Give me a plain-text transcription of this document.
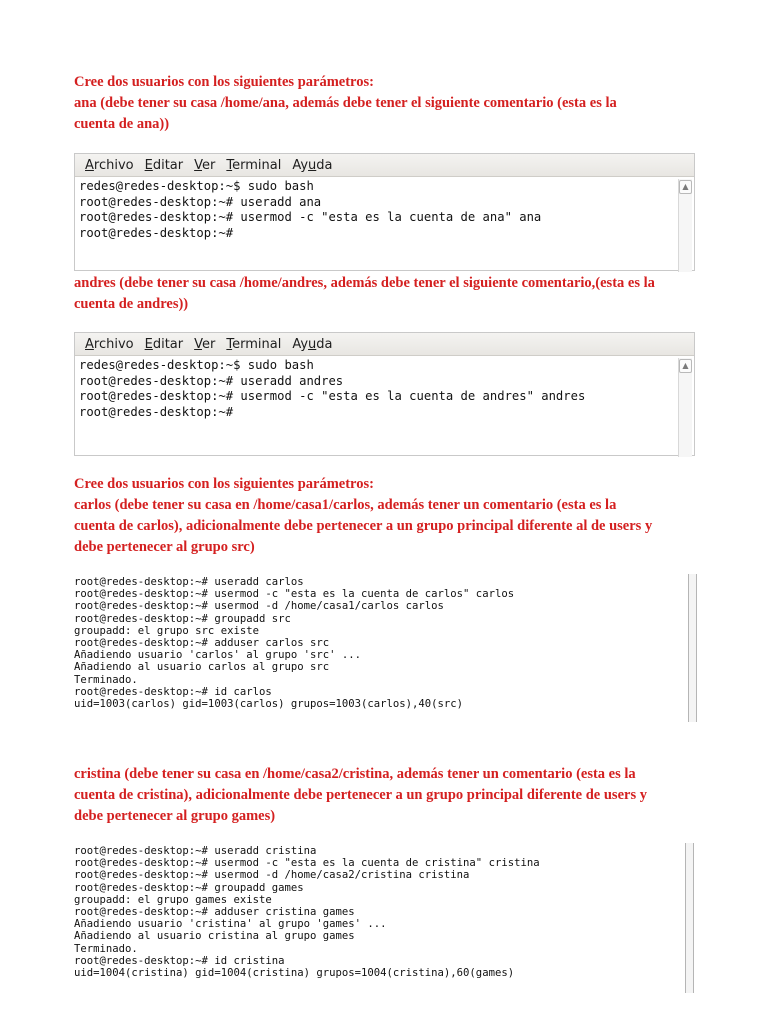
Cree dos usuarios con los siguientes parámetros:
ana (debe tener su casa /home/ana, además debe tener el siguiente comentario (esta es la
cuenta de ana))
Archivo Editar Ver Terminal Ayuda
redes@redes-desktop:~$ sudo bash
root@redes-desktop:~# useradd ana
root@redes-desktop:~# usermod -c "esta es la cuenta de ana" ana
root@redes-desktop:~#
▲
andres (debe tener su casa /home/andres, además debe tener el siguiente comentario,(esta es la
cuenta de andres))
Archivo Editar Ver Terminal Ayuda
redes@redes-desktop:~$ sudo bash
root@redes-desktop:~# useradd andres
root@redes-desktop:~# usermod -c "esta es la cuenta de andres" andres
root@redes-desktop:~#
▲
Cree dos usuarios con los siguientes parámetros:
carlos (debe tener su casa en /home/casa1/carlos, además tener un comentario (esta es la
cuenta de carlos), adicionalmente debe pertenecer a un grupo principal diferente al de users y
debe pertenecer al grupo src)
root@redes-desktop:~# useradd carlos
root@redes-desktop:~# usermod -c "esta es la cuenta de carlos" carlos
root@redes-desktop:~# usermod -d /home/casa1/carlos carlos
root@redes-desktop:~# groupadd src
groupadd: el grupo src existe
root@redes-desktop:~# adduser carlos src
Añadiendo usuario 'carlos' al grupo 'src' ...
Añadiendo al usuario carlos al grupo src
Terminado.
root@redes-desktop:~# id carlos
uid=1003(carlos) gid=1003(carlos) grupos=1003(carlos),40(src)
cristina (debe tener su casa en /home/casa2/cristina, además tener un comentario (esta es la
cuenta de cristina), adicionalmente debe pertenecer a un grupo principal diferente de users y
debe pertenecer al grupo games)
root@redes-desktop:~# useradd cristina
root@redes-desktop:~# usermod -c "esta es la cuenta de cristina" cristina
root@redes-desktop:~# usermod -d /home/casa2/cristina cristina
root@redes-desktop:~# groupadd games
groupadd: el grupo games existe
root@redes-desktop:~# adduser cristina games
Añadiendo usuario 'cristina' al grupo 'games' ...
Añadiendo al usuario cristina al grupo games
Terminado.
root@redes-desktop:~# id cristina
uid=1004(cristina) gid=1004(cristina) grupos=1004(cristina),60(games)
